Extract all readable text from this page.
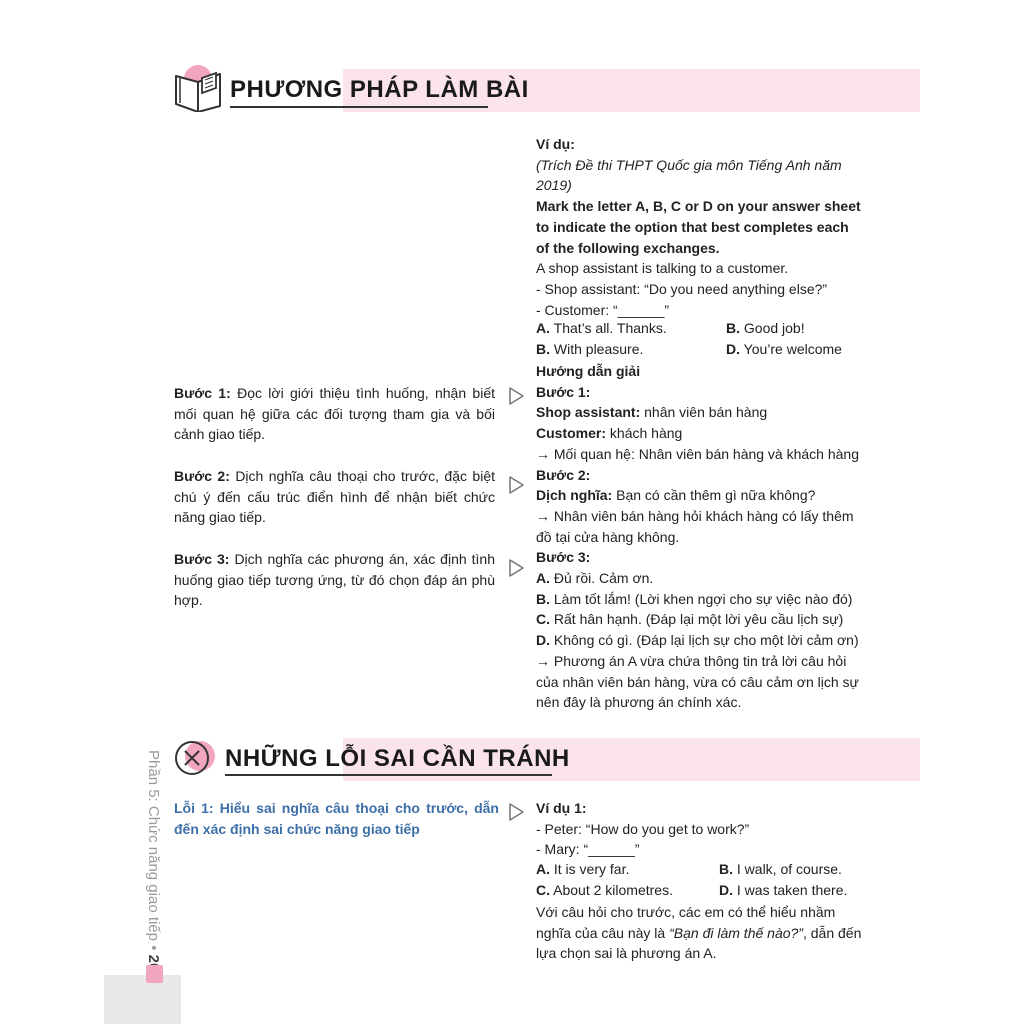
PHƯƠNG PHÁP LÀM BÀI
Bước 1: Đọc lời giới thiệu tình huống, nhận biết mối quan hệ giữa các đối tượng tham gia và bối cảnh giao tiếp.
Bước 2: Dịch nghĩa câu thoại cho trước, đặc biệt chú ý đến cấu trúc điển hình để nhận biết chức năng giao tiếp.
Bước 3: Dịch nghĩa các phương án, xác định tình huống giao tiếp tương ứng, từ đó chọn đáp án phù hợp.
Ví dụ:
(Trích Đề thi THPT Quốc gia môn Tiếng Anh năm
2019)
Mark the letter A, B, C or D on your answer sheet
to indicate the option that best completes each
of the following exchanges.
A shop assistant is talking to a customer.
- Shop assistant: “Do you need anything else?”
- Customer: “______”
A. That’s all. Thanks.	B. Good job!
B. With pleasure.	D. You’re welcome
Hướng dẫn giải
Bước 1:
Shop assistant: nhân viên bán hàng
Customer: khách hàng
→ Mối quan hệ: Nhân viên bán hàng và khách hàng
Bước 2:
Dịch nghĩa: Bạn có cần thêm gì nữa không?
→ Nhân viên bán hàng hỏi khách hàng có lấy thêm
đồ tại cửa hàng không.
Bước 3:
A. Đủ rồi. Cảm ơn.
B. Làm tốt lắm! (Lời khen ngợi cho sự việc nào đó)
C. Rất hân hạnh. (Đáp lại một lời yêu cầu lịch sự)
D. Không có gì. (Đáp lại lịch sự cho một lời cảm ơn)
→ Phương án A vừa chứa thông tin trả lời câu hỏi
của nhân viên bán hàng, vừa có câu cảm ơn lịch sự
nên đây là phương án chính xác.
NHỮNG LỖI SAI CẦN TRÁNH
Lỗi 1: Hiểu sai nghĩa câu thoại cho trước, dẫn đến xác định sai chức năng giao tiếp
Ví dụ 1:
- Peter: “How do you get to work?”
- Mary: “______”
A. It is very far.	B. I walk, of course.
C. About 2 kilometres.	D. I was taken there.
Với câu hỏi cho trước, các em có thể hiểu nhầm
nghĩa của câu này là “Bạn đi làm thế nào?”, dẫn đến
lựa chọn sai là phương án A.
Phần 5: Chức năng giao tiếp •
